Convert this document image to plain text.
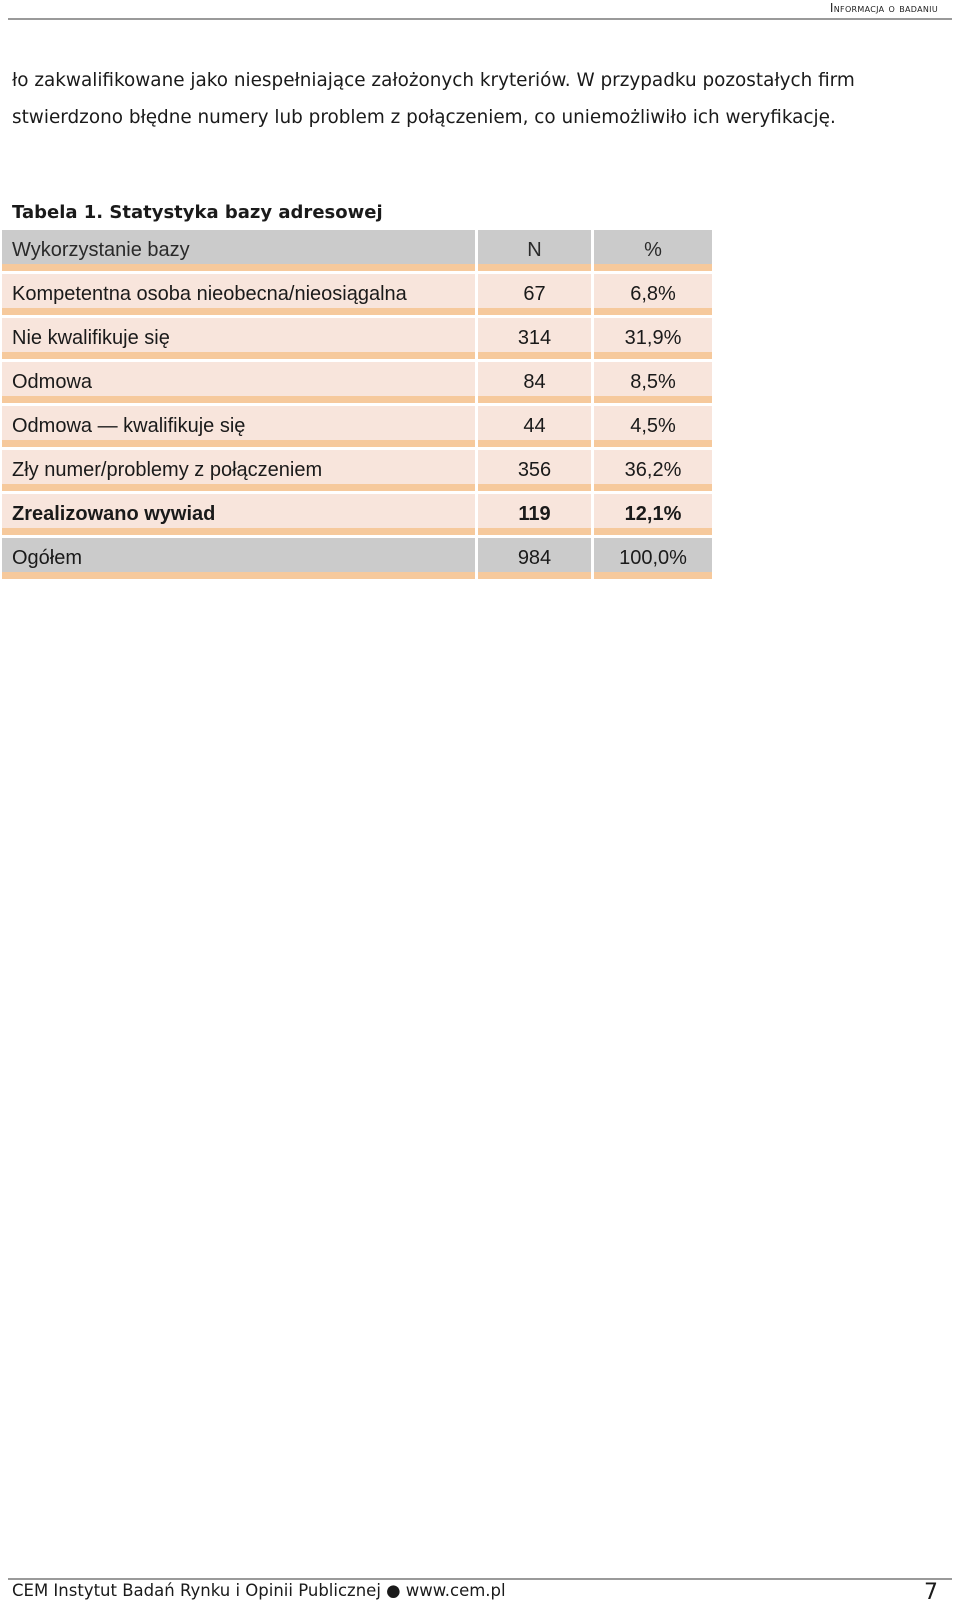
Informacja o badaniu

ło zakwalifikowane jako niespełniające założonych kryteriów. W przypadku pozostałych firm stwierdzono błędne numery lub problem z połączeniem, co uniemożliwiło ich weryfikację.

Tabela 1. Statystyka bazy adresowej

Wykorzystanie bazy	N	%
Kompetentna osoba nieobecna/nieosiągalna	67	6,8%
Nie kwalifikuje się	314	31,9%
Odmowa	84	8,5%
Odmowa — kwalifikuje się	44	4,5%
Zły numer/problemy z połączeniem	356	36,2%
Zrealizowano wywiad	119	12,1%
Ogółem	984	100,0%
CEM Instytut Badań Rynku i Opinii Publicznej ● www.cem.pl	7
